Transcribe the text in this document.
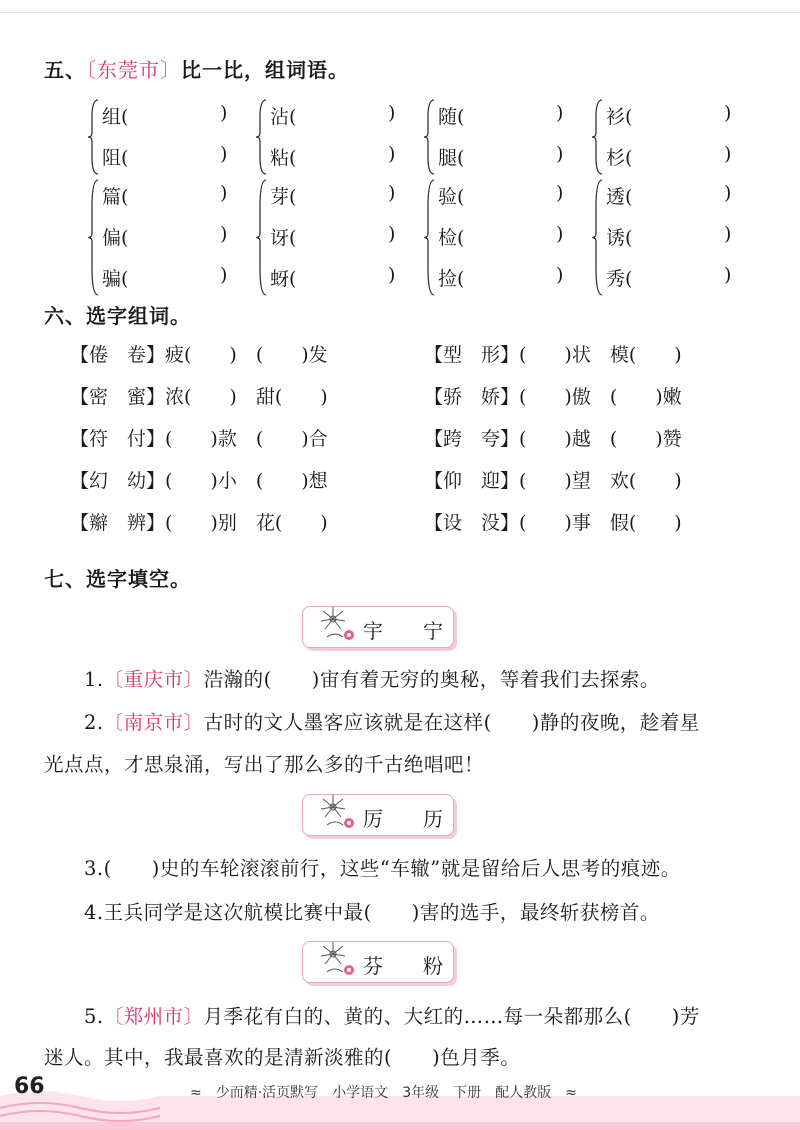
五、〔东莞市〕比一比，组词语。
组(	)
阻(	)
沾(	)
粘(	)
随(	)
腿(	)
衫(	)
杉(	)
篇(	)
偏(	)
骗(	)
芽(	)
讶(	)
蚜(	)
验(	)
检(	)
捡(	)
透(	)
诱(	)
秀(	)
六、选字组词。
【倦　卷】疲(　　)　(　　)发	【型　形】(　　)状　模(　　)
【密　蜜】浓(　　)　甜(　　)	【骄　娇】(　　)傲　(　　)嫩
【符　付】(　　)款　(　　)合	【跨　夸】(　　)越　(　　)赞
【幻　幼】(　　)小　(　　)想	【仰　迎】(　　)望　欢(　　)
【辮　辨】(　　)别　花(　　)	【设　没】(　　)事　假(　　)
七、选字填空。
宇　　宁
1.〔重庆市〕浩瀚的(　　)宙有着无穷的奥秘，等着我们去探索。
2.〔南京市〕古时的文人墨客应该就是在这样(　　)静的夜晚，趁着星
光点点，才思泉涌，写出了那么多的千古绝唱吧！
厉　　历
3.(　　)史的车轮滚滚前行，这些“车辙”就是留给后人思考的痕迹。
4.王兵同学是这次航模比赛中最(　　)害的选手，最终斩获榜首。
芬　　粉
5.〔郑州市〕月季花有白的、黄的、大红的……每一朵都那么(　　)芳
迷人。其中，我最喜欢的是清新淡雅的(　　)色月季。
66	≈ 少而精·活页默写 小学语文 3年级 下册 配人教版 ≈
